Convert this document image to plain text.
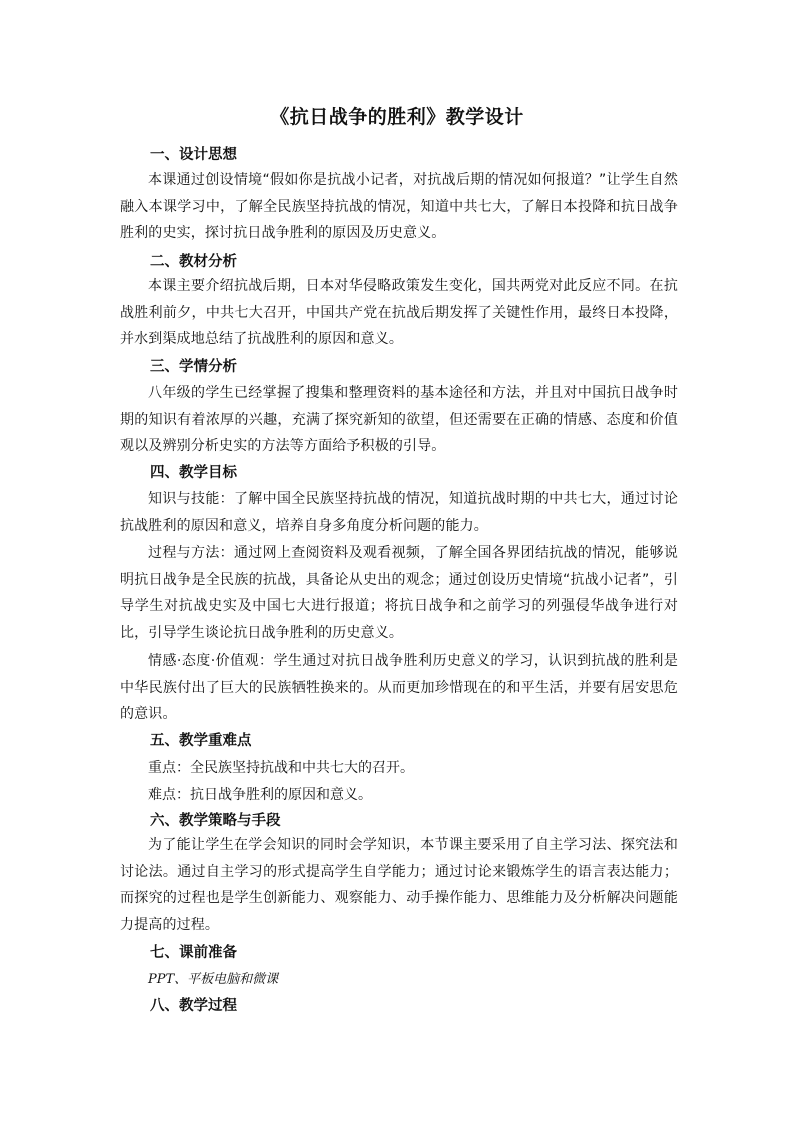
《抗日战争的胜利》教学设计
一、设计思想
本课通过创设情境“假如你是抗战小记者，对抗战后期的情况如何报道？”让学生自然融入本课学习中，了解全民族坚持抗战的情况，知道中共七大，了解日本投降和抗日战争胜利的史实，探讨抗日战争胜利的原因及历史意义。
二、教材分析
本课主要介绍抗战后期，日本对华侵略政策发生变化，国共两党对此反应不同。在抗战胜利前夕，中共七大召开，中国共产党在抗战后期发挥了关键性作用，最终日本投降，并水到渠成地总结了抗战胜利的原因和意义。
三、学情分析
八年级的学生已经掌握了搜集和整理资料的基本途径和方法，并且对中国抗日战争时期的知识有着浓厚的兴趣，充满了探究新知的欲望，但还需要在正确的情感、态度和价值观以及辨别分析史实的方法等方面给予积极的引导。
四、教学目标
知识与技能：了解中国全民族坚持抗战的情况，知道抗战时期的中共七大，通过讨论抗战胜利的原因和意义，培养自身多角度分析问题的能力。
过程与方法：通过网上查阅资料及观看视频，了解全国各界团结抗战的情况，能够说明抗日战争是全民族的抗战，具备论从史出的观念；通过创设历史情境“抗战小记者”，引导学生对抗战史实及中国七大进行报道；将抗日战争和之前学习的列强侵华战争进行对比，引导学生谈论抗日战争胜利的历史意义。
情感·态度·价值观：学生通过对抗日战争胜利历史意义的学习，认识到抗战的胜利是中华民族付出了巨大的民族牺牲换来的。从而更加珍惜现在的和平生活，并要有居安思危的意识。
五、教学重难点
重点：全民族坚持抗战和中共七大的召开。
难点：抗日战争胜利的原因和意义。
六、教学策略与手段
为了能让学生在学会知识的同时会学知识，本节课主要采用了自主学习法、探究法和讨论法。通过自主学习的形式提高学生自学能力；通过讨论来锻炼学生的语言表达能力；而探究的过程也是学生创新能力、观察能力、动手操作能力、思维能力及分析解决问题能力提高的过程。
七、课前准备
PPT、平板电脑和微课
八、教学过程
